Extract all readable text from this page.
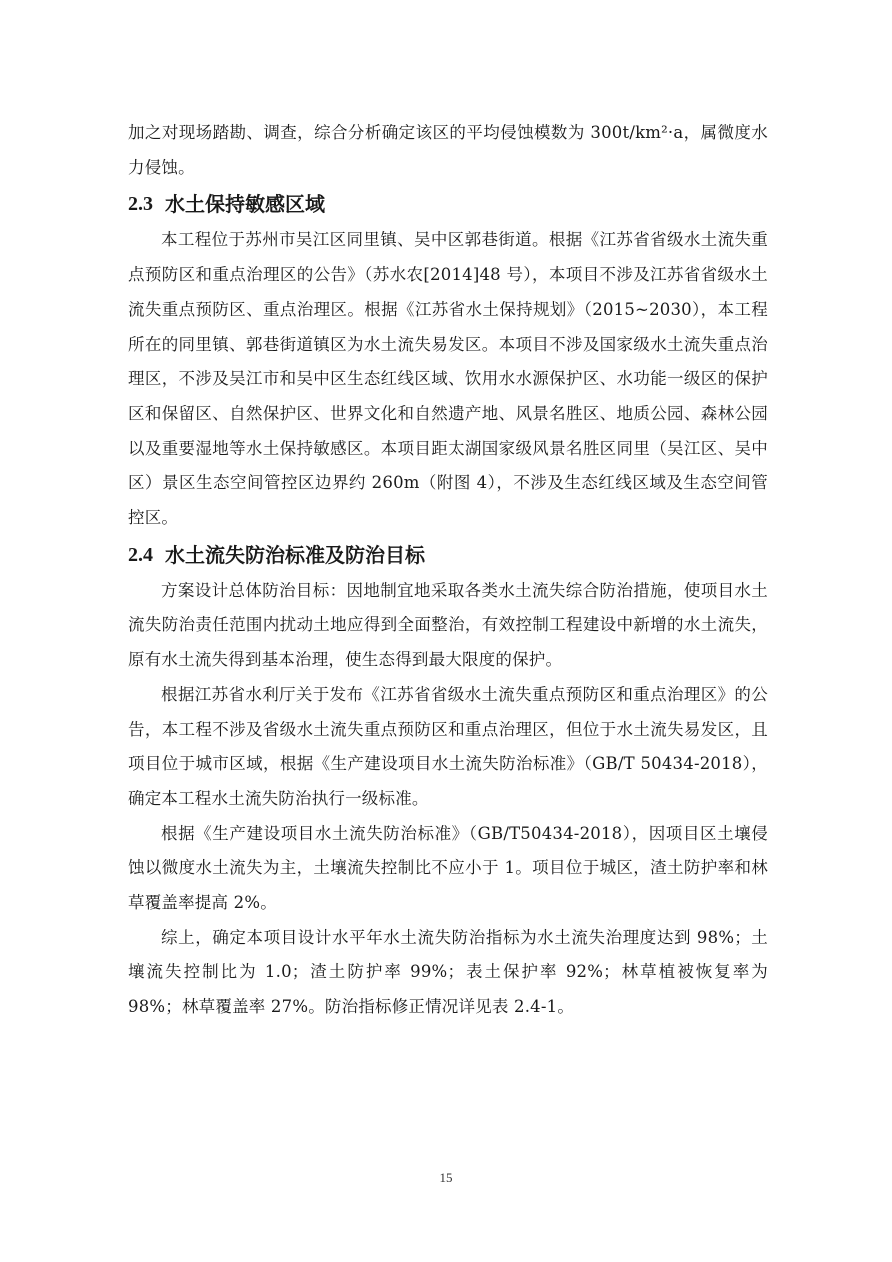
加之对现场踏勘、调查，综合分析确定该区的平均侵蚀模数为 300t/km²·a，属微度水力侵蚀。

2.3 水土保持敏感区域

本工程位于苏州市吴江区同里镇、吴中区郭巷街道。根据《江苏省省级水土流失重点预防区和重点治理区的公告》（苏水农[2014]48 号），本项目不涉及江苏省省级水土流失重点预防区、重点治理区。根据《江苏省水土保持规划》（2015~2030），本工程所在的同里镇、郭巷街道镇区为水土流失易发区。本项目不涉及国家级水土流失重点治理区，不涉及吴江市和吴中区生态红线区域、饮用水水源保护区、水功能一级区的保护区和保留区、自然保护区、世界文化和自然遗产地、风景名胜区、地质公园、森林公园以及重要湿地等水土保持敏感区。本项目距太湖国家级风景名胜区同里（吴江区、吴中区）景区生态空间管控区边界约 260m（附图 4），不涉及生态红线区域及生态空间管控区。

2.4 水土流失防治标准及防治目标

方案设计总体防治目标：因地制宜地采取各类水土流失综合防治措施，使项目水土流失防治责任范围内扰动土地应得到全面整治，有效控制工程建设中新增的水土流失，原有水土流失得到基本治理，使生态得到最大限度的保护。

根据江苏省水利厅关于发布《江苏省省级水土流失重点预防区和重点治理区》的公告，本工程不涉及省级水土流失重点预防区和重点治理区，但位于水土流失易发区，且项目位于城市区域，根据《生产建设项目水土流失防治标准》（GB/T 50434-2018），确定本工程水土流失防治执行一级标准。

根据《生产建设项目水土流失防治标准》（GB/T50434-2018），因项目区土壤侵蚀以微度水土流失为主，土壤流失控制比不应小于 1。项目位于城区，渣土防护率和林草覆盖率提高 2%。

综上，确定本项目设计水平年水土流失防治指标为水土流失治理度达到 98%；土壤流失控制比为 1.0；渣土防护率 99%；表土保护率 92%；林草植被恢复率为 98%；林草覆盖率 27%。防治指标修正情况详见表 2.4-1。

15
